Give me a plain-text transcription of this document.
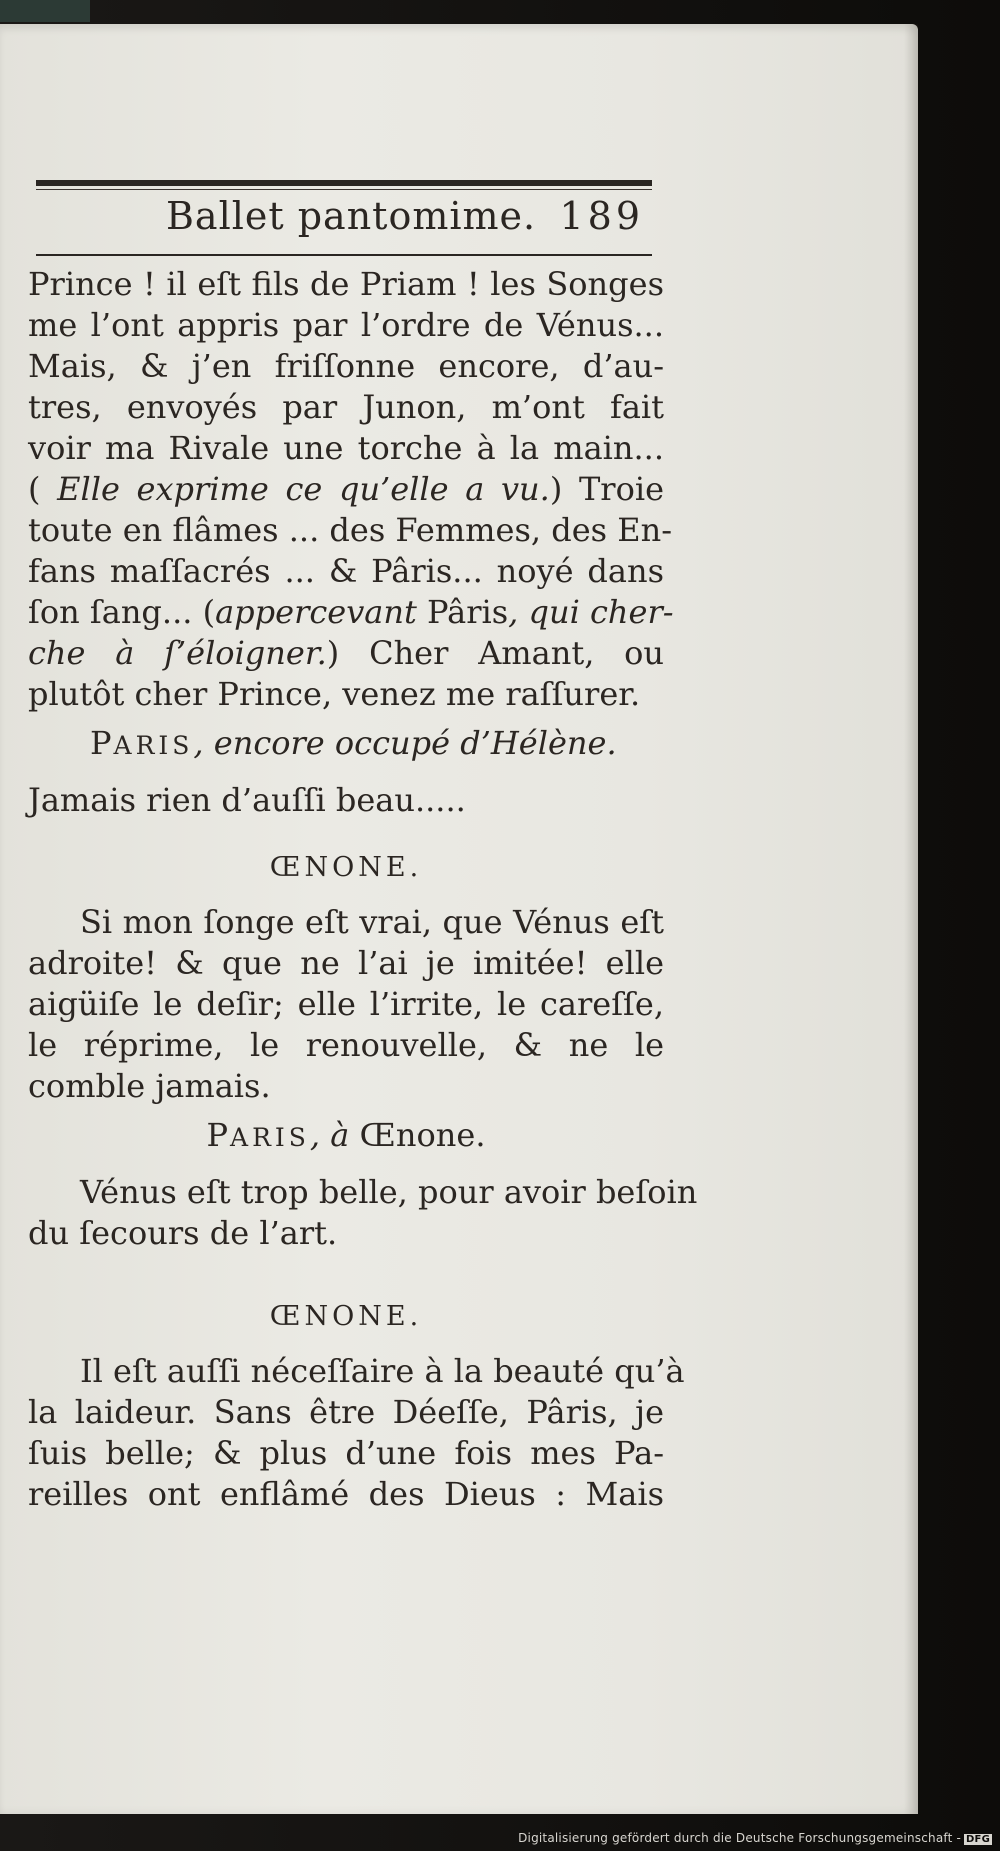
Ballet pantomime. 189
Prince ! il eſt fils de Priam ! les Songes
me l’ont appris par l’ordre de Vénus...
Mais, & j’en friſſonne encore, d’au-
tres, envoyés par Junon, m’ont fait
voir ma Rivale une torche à la main...
( Elle exprime ce qu’elle a vu.) Troie
toute en flâmes ... des Femmes, des En-
fans maſſacrés ... & Pâris... noyé dans
ſon ſang... (appercevant Pâris, qui cher-
che à ſ’éloigner.) Cher Amant, ou
plutôt cher Prince, venez me raſſurer.
PARIS, encore occupé d’Hélène.
Jamais rien d’auſſi beau.....
ŒNONE.
Si mon ſonge eſt vrai, que Vénus eſt
adroite! & que ne l’ai je imitée! elle
aigüiſe le deſir; elle l’irrite, le careſſe,
le réprime, le renouvelle, & ne le
comble jamais.
PARIS, à Œnone.
Vénus eſt trop belle, pour avoir beſoin
du ſecours de l’art.
ŒNONE.
Il eſt auſſi néceſſaire à la beauté qu’à
la laideur. Sans être Déeſſe, Pâris, je
ſuis belle; & plus d’une fois mes Pa-
reilles ont enflâmé des Dieus : Mais
Digitalisierung gefördert durch die Deutsche Forschungsgemeinschaft - DFG
